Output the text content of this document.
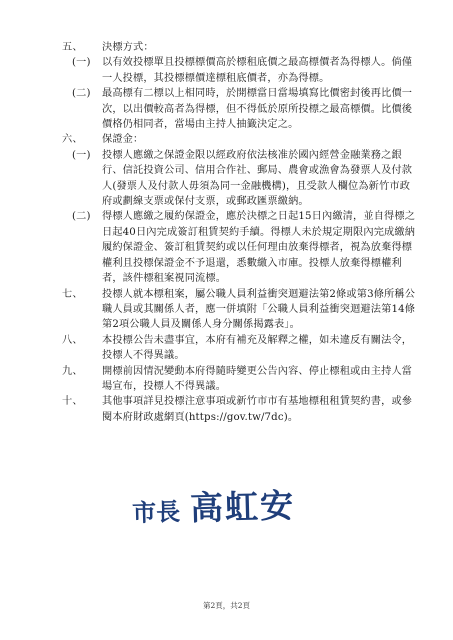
五、	決標方式：
(一)	以有效投標單且投標標價高於標租底價之最高標價者為得標人。倘僅一人投標，其投標標價達標租底價者，亦為得標。
(二)	最高標有二標以上相同時，於開標當日當場填寫比價密封後再比價一次，以出價較高者為得標，但不得低於原所投標之最高標價。比價後價格仍相同者，當場由主持人抽籤決定之。
六、	保證金：
(一)	投標人應繳之保證金限以經政府依法核准於國內經營金融業務之銀行、信託投資公司、信用合作社、郵局、農會或漁會為發票人及付款人(發票人及付款人毋須為同一金融機構)，且受款人欄位為新竹市政府或劃線支票或保付支票，或郵政匯票繳納。
(二)	得標人應繳之履約保證金，應於決標之日起15日內繳清，並自得標之日起40日內完成簽訂租賃契約手續。得標人未於規定期限內完成繳納履約保證金、簽訂租賃契約或以任何理由放棄得標者，視為放棄得標權利且投標保證金不予退還，悉數繳入市庫。投標人放棄得標權利者，該件標租案視同流標。
七、	投標人就本標租案，屬公職人員利益衝突迴避法第2條或第3條所稱公職人員或其關係人者，應一併填附「公職人員利益衝突迴避法第14條第2項公職人員及關係人身分關係揭露表」。
八、	本投標公告未盡事宜，本府有補充及解釋之權，如未違反有關法令，投標人不得異議。
九、	開標前因情況變動本府得隨時變更公告內容、停止標租或由主持人當場宣布，投標人不得異議。
十、	其他事項詳見投標注意事項或新竹市市有基地標租租賃契約書，或參閱本府財政處網頁(https://gov.tw/7dc)。
市長 高虹安
第2頁，共2頁
